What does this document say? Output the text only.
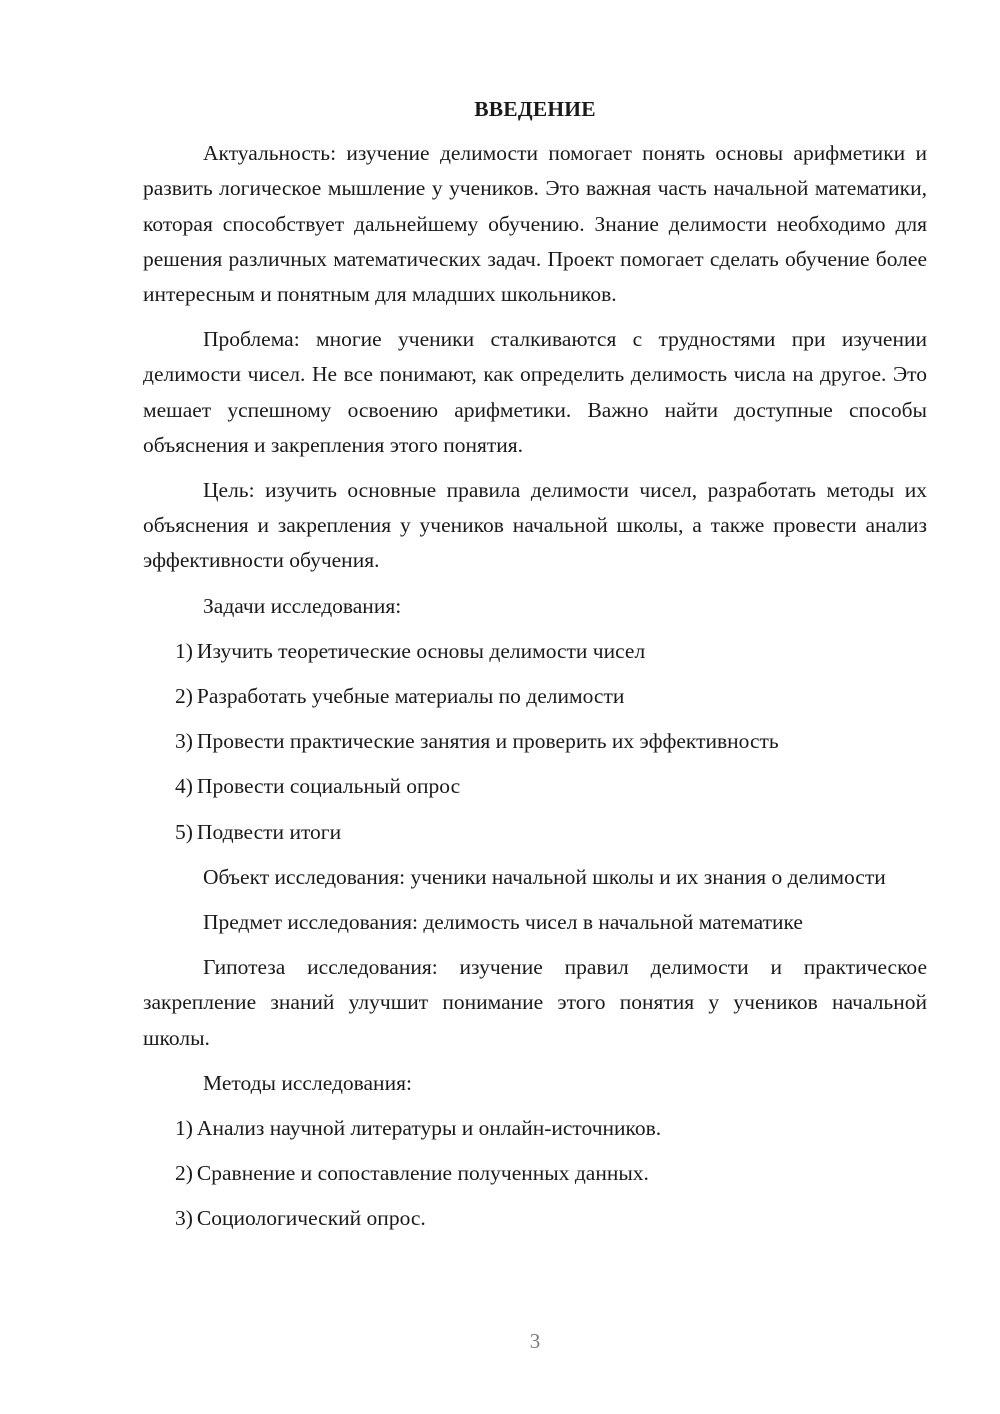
ВВЕДЕНИЕ

Актуальность: изучение делимости помогает понять основы арифметики и развить логическое мышление у учеников. Это важная часть начальной математики, которая способствует дальнейшему обучению. Знание делимости необходимо для решения различных математических задач. Проект помогает сделать обучение более интересным и понятным для младших школьников.

Проблема: многие ученики сталкиваются с трудностями при изучении делимости чисел. Не все понимают, как определить делимость числа на другое. Это мешает успешному освоению арифметики. Важно найти доступные способы объяснения и закрепления этого понятия.

Цель: изучить основные правила делимости чисел, разработать методы их объяснения и закрепления у учеников начальной школы, а также провести анализ эффективности обучения.

Задачи исследования:

1) Изучить теоретические основы делимости чисел
2) Разработать учебные материалы по делимости
3) Провести практические занятия и проверить их эффективность
4) Провести социальный опрос
5) Подвести итоги

Объект исследования: ученики начальной школы и их знания о делимости

Предмет исследования: делимость чисел в начальной математике

Гипотеза исследования: изучение правил делимости и практическое закрепление знаний улучшит понимание этого понятия у учеников начальной школы.

Методы исследования:

1) Анализ научной литературы и онлайн-источников.
2) Сравнение и сопоставление полученных данных.
3) Социологический опрос.
3
